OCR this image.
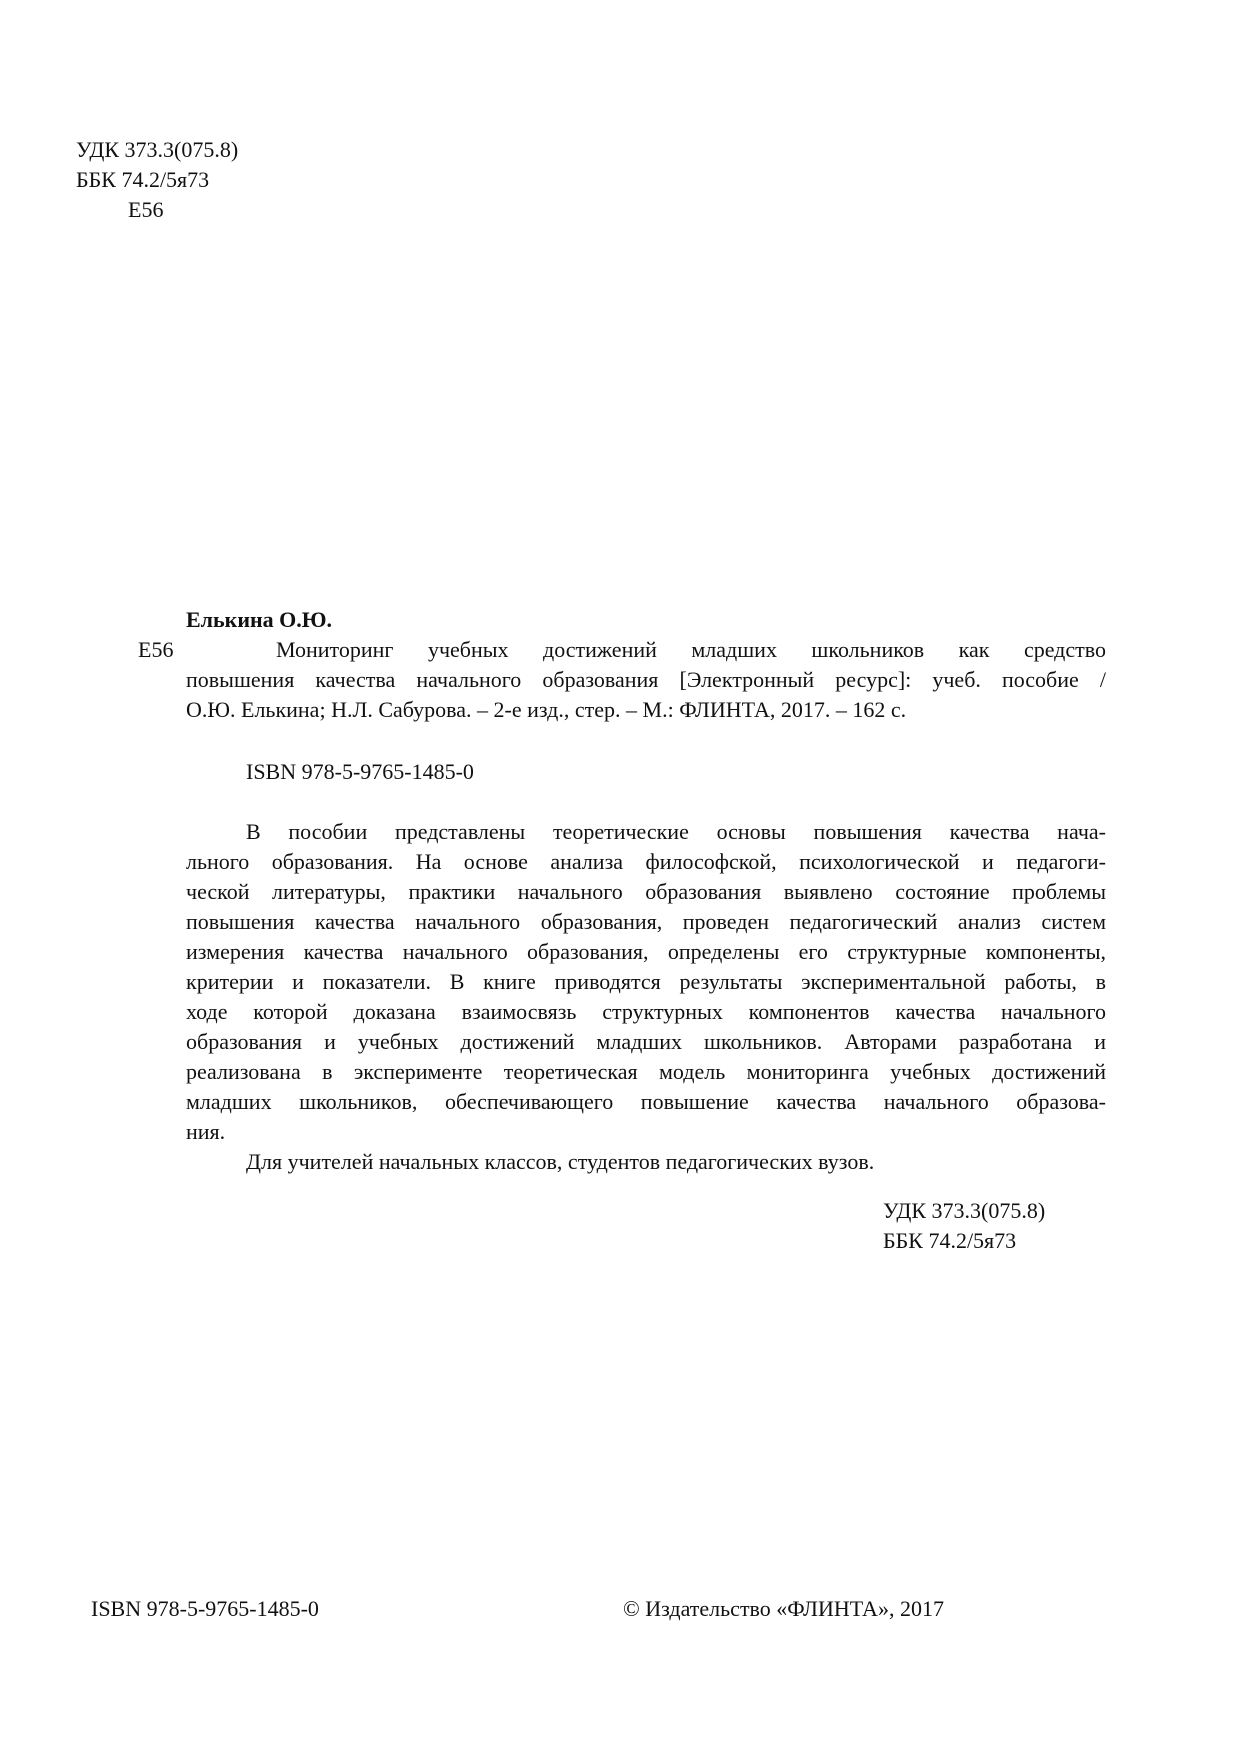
УДК 373.3(075.8)
ББК 74.2/5я73
Е56
Елькина О.Ю.
Е56	Мониторинг учебных достижений младших школьников как средство
повышения качества начального образования [Электронный ресурс]: учеб. пособие /
О.Ю. Елькина; Н.Л. Сабурова. – 2-е изд., стер. – М.: ФЛИНТА, 2017. – 162 с.
ISBN 978-5-9765-1485-0
В пособии представлены теоретические основы повышения качества нача-
льного образования. На основе анализа философской, психологической и педагоги-
ческой литературы, практики начального образования выявлено состояние проблемы
повышения качества начального образования, проведен педагогический анализ систем
измерения качества начального образования, определены его структурные компоненты,
критерии и показатели. В книге приводятся результаты экспериментальной работы, в
ходе которой доказана взаимосвязь структурных компонентов качества начального
образования и учебных достижений младших школьников. Авторами разработана и
реализована в эксперименте теоретическая модель мониторинга учебных достижений
младших школьников, обеспечивающего повышение качества начального образова-
ния.
Для учителей начальных классов, студентов педагогических вузов.
УДК 373.3(075.8)
ББК 74.2/5я73
ISBN 978-5-9765-1485-0	© Издательство «ФЛИНТА», 2017
